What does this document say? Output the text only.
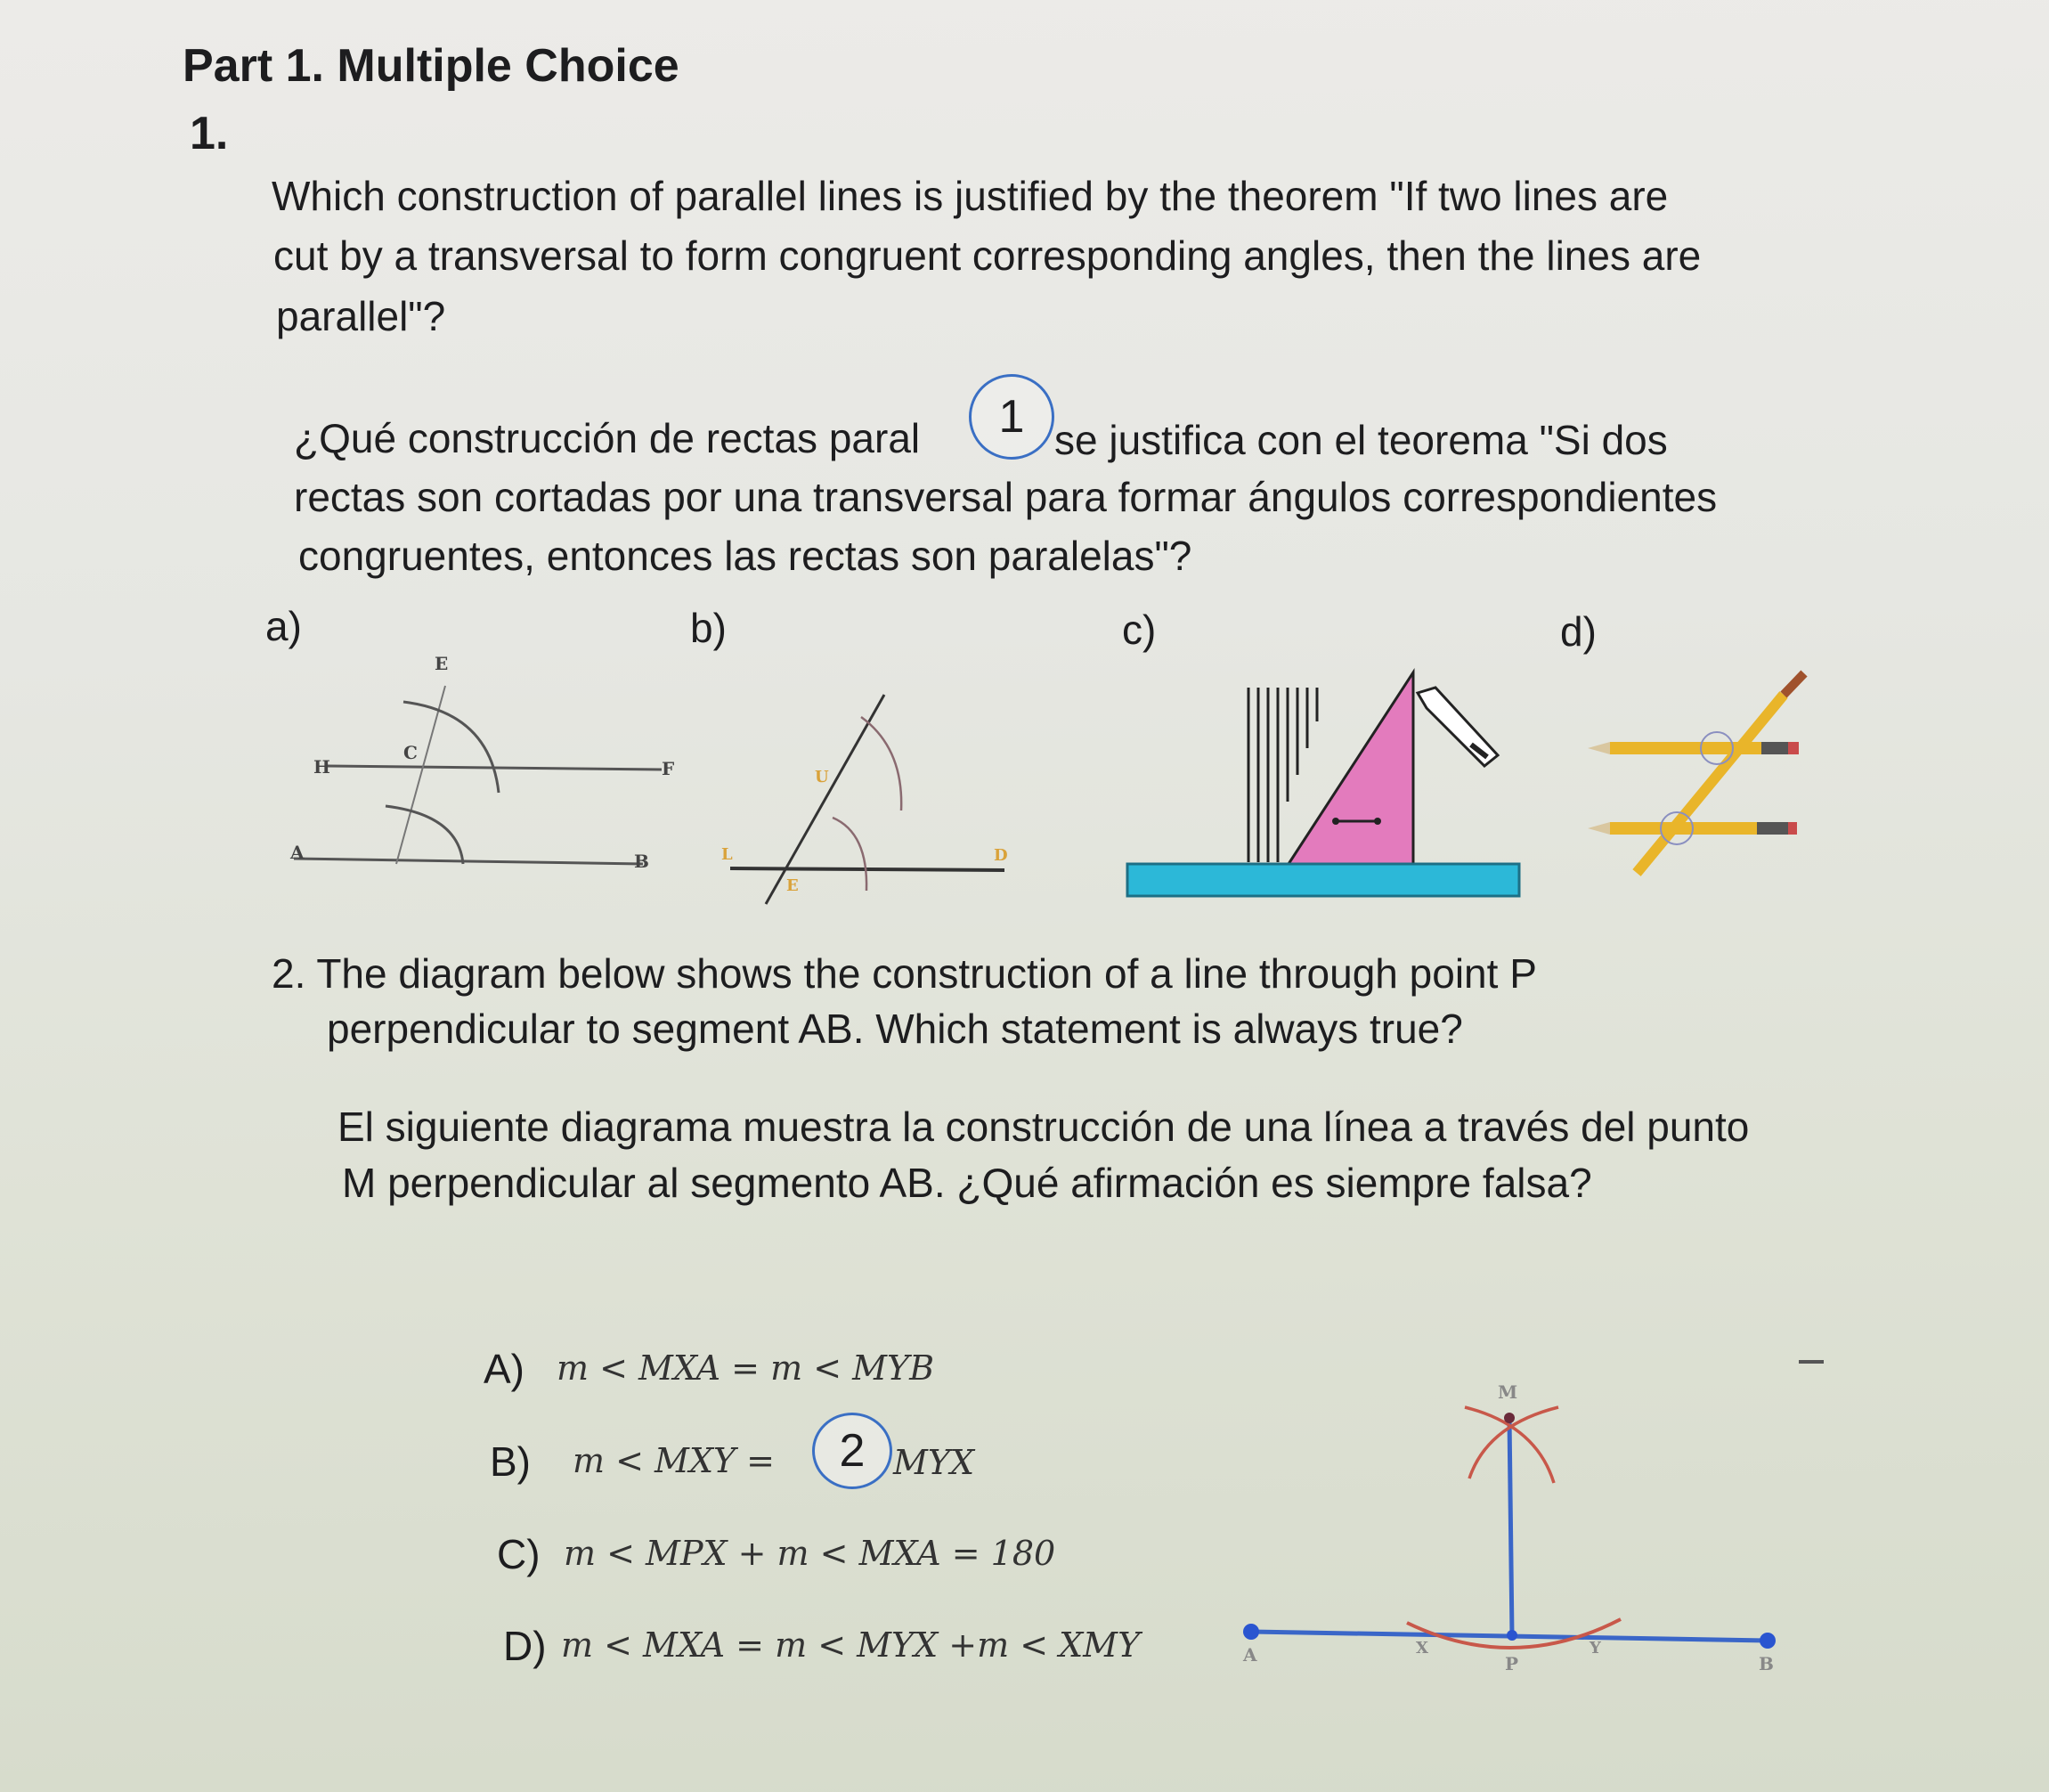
Part 1. Multiple Choice
1.
Which construction of parallel lines is justified by the theorem "If two lines are
cut by a transversal to form congruent corresponding angles, then the lines are
parallel"?
¿Qué construcción de rectas paral	se justifica con el teorema "Si dos
rectas son cortadas por una transversal para formar ángulos correspondientes
congruentes, entonces las rectas son paralelas"?
1
a)	b)	c)	d)
E
C
H	F
A	B
U
L	D
E
2. The diagram below shows the construction of a line through point P
perpendicular to segment AB. Which statement is always true?
El siguiente diagrama muestra la construcción de una línea a través del punto
M perpendicular al segmento AB. ¿Qué afirmación es siempre falsa?
A) m < MXA = m < MYB
B) m < MXY =	MYX
2
C) m < MPX + m < MXA = 180
D) m < MXA = m < MYX +m < XMY
M
A	X
P
Y
B
